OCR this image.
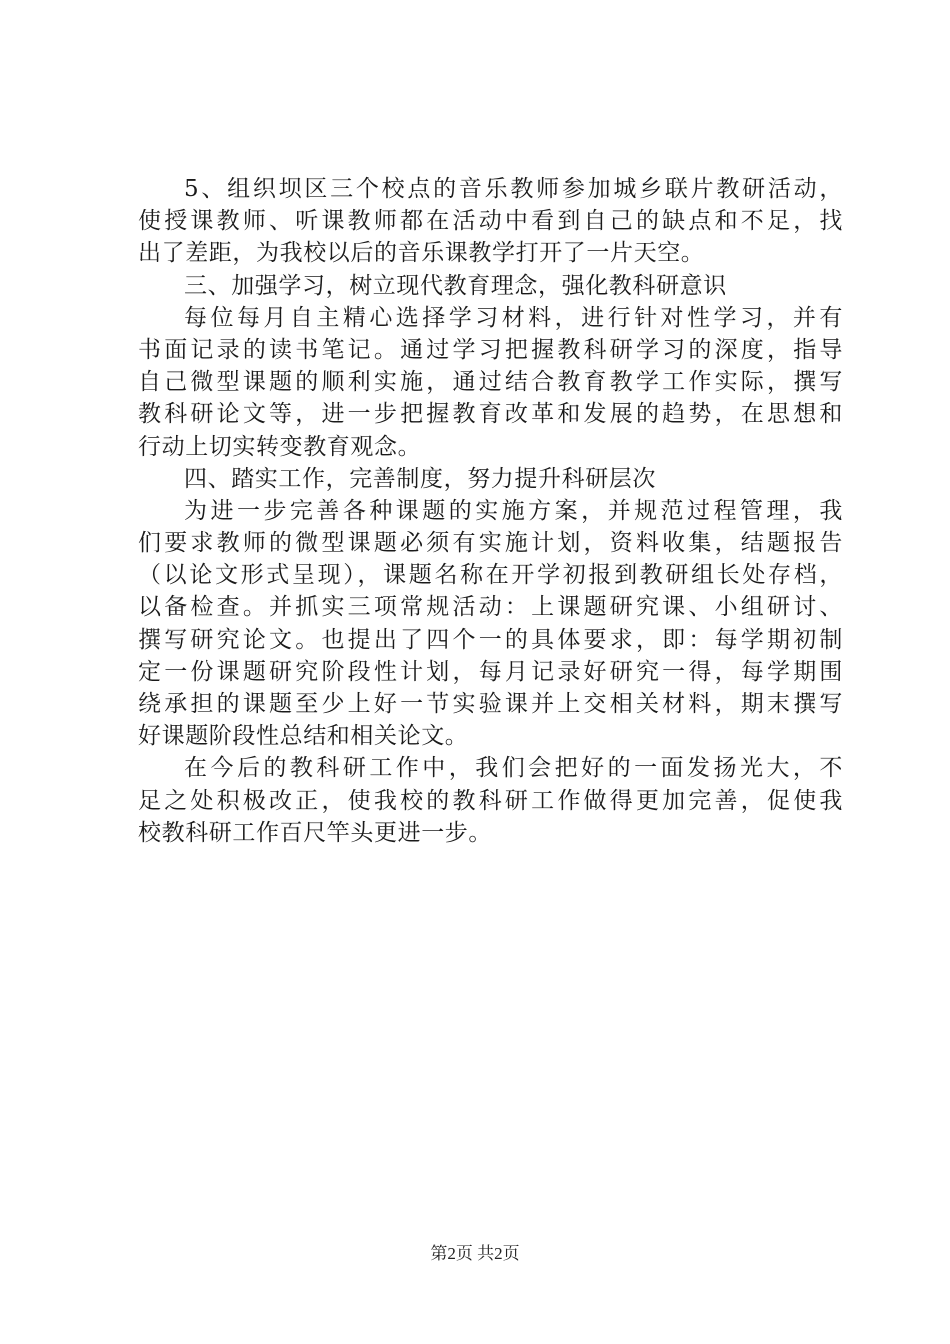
5、组织坝区三个校点的音乐教师参加城乡联片教研活动，
使授课教师、听课教师都在活动中看到自己的缺点和不足，找
出了差距，为我校以后的音乐课教学打开了一片天空。
三、加强学习，树立现代教育理念，强化教科研意识
每位每月自主精心选择学习材料，进行针对性学习，并有
书面记录的读书笔记。通过学习把握教科研学习的深度，指导
自己微型课题的顺利实施，通过结合教育教学工作实际，撰写
教科研论文等，进一步把握教育改革和发展的趋势，在思想和
行动上切实转变教育观念。
四、踏实工作，完善制度，努力提升科研层次
为进一步完善各种课题的实施方案，并规范过程管理，我
们要求教师的微型课题必须有实施计划，资料收集，结题报告
（以论文形式呈现），课题名称在开学初报到教研组长处存档，
以备检查。并抓实三项常规活动：上课题研究课、小组研讨、
撰写研究论文。也提出了四个一的具体要求，即：每学期初制
定一份课题研究阶段性计划，每月记录好研究一得，每学期围
绕承担的课题至少上好一节实验课并上交相关材料，期末撰写
好课题阶段性总结和相关论文。
在今后的教科研工作中，我们会把好的一面发扬光大，不
足之处积极改正，使我校的教科研工作做得更加完善，促使我
校教科研工作百尺竿头更进一步。
第2页 共2页
